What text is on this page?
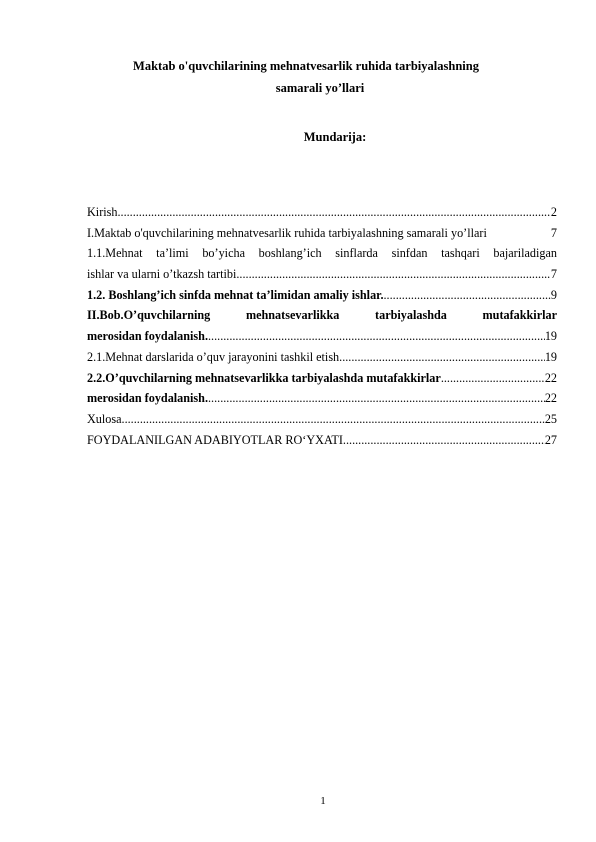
Maktab o'quvchilarining mehnatvesarlik ruhida tarbiyalashning
samarali yo’llari
Mundarija:
Kirish .....	2
I.Maktab o'quvchilarining mehnatvesarlik ruhida tarbiyalashning samarali yo’llari	7
1.1.Mehnat ta’limi bo’yicha boshlang’ich sinflarda sinfdan tashqari bajariladigan
ishlar va ularni o’tkazsh tartibi .....	7
1.2. Boshlang’ich sinfda mehnat ta’limidan amaliy ishlar. .....	9
II.Bob.O’quvchilarning mehnatsevarlikka tarbiyalashda mutafakkirlar
merosidan foydalanish. .....	19
2.1.Mehnat darslarida o’quv jarayonini tashkil etish .....	19
2.2.O’quvchilarning mehnatsevarlikka tarbiyalashda mutafakkirlar .....	22
merosidan foydalanish. .....	22
Xulosa .....	25
FOYDALANILGAN ADABIYOTLAR RO‘YXATI .....	27
1
